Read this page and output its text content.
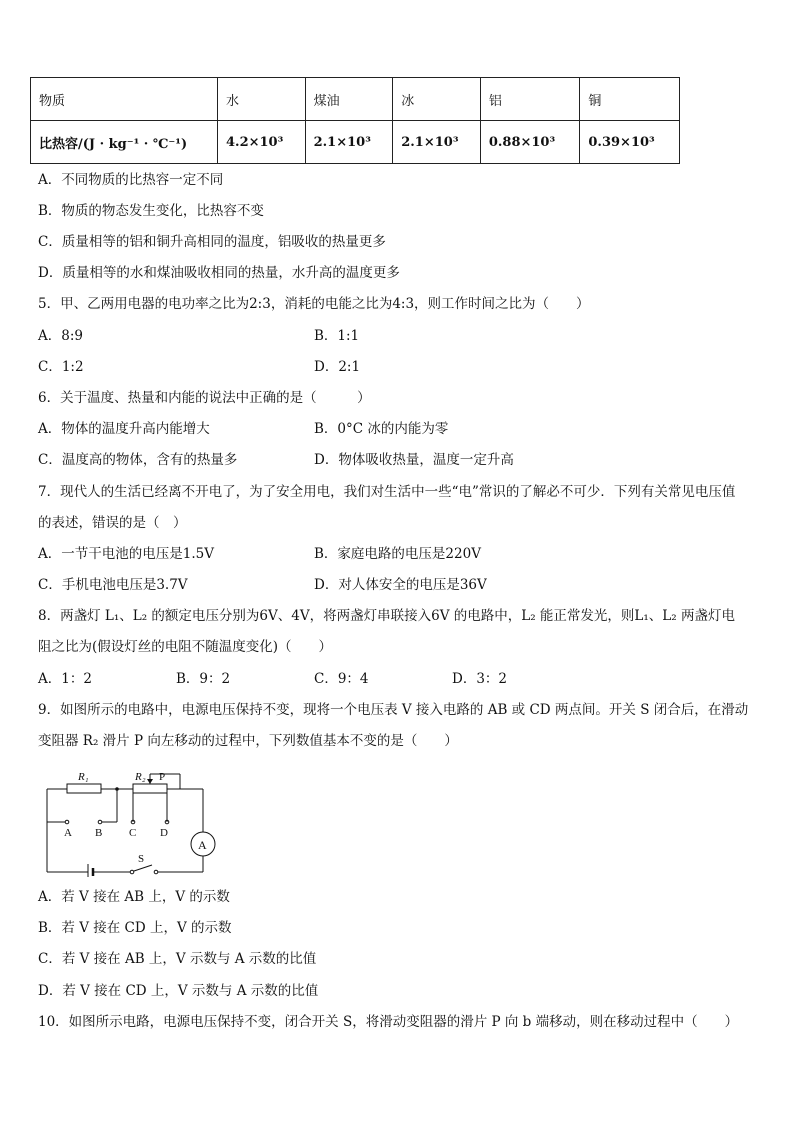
物质	水	煤油	冰	铝	铜
比热容/(J · kg⁻¹ · ℃⁻¹)	4.2×10³	2.1×10³	2.1×10³	0.88×10³	0.39×10³
A．不同物质的比热容一定不同
B．物质的物态发生变化，比热容不变
C．质量相等的铝和铜升高相同的温度，铝吸收的热量更多
D．质量相等的水和煤油吸收相同的热量，水升高的温度更多
5．甲、乙两用电器的电功率之比为2:3，消耗的电能之比为4:3，则工作时间之比为（　　）
A．8:9	B．1:1
C．1:2	D．2:1
6．关于温度、热量和内能的说法中正确的是（　　　）
A．物体的温度升高内能增大	B．0°C 冰的内能为零
C．温度高的物体，含有的热量多	D．物体吸收热量，温度一定升高
7．现代人的生活已经离不开电了，为了安全用电，我们对生活中一些“电”常识的了解必不可少．下列有关常见电压值
的表述，错误的是（　）
A．一节干电池的电压是1.5V	B．家庭电路的电压是220V
C．手机电池电压是3.7V	D．对人体安全的电压是36V
8．两盏灯 L₁、L₂ 的额定电压分别为6V、4V，将两盏灯串联接入6V 的电路中，L₂ 能正常发光，则L₁、L₂ 两盏灯电
阻之比为(假设灯丝的电阻不随温度变化)（　　）
A．1：2	B．9：2	C．9：4	D．3：2
9．如图所示的电路中，电源电压保持不变，现将一个电压表 V 接入电路的 AB 或 CD 两点间。开关 S 闭合后，在滑动
变阻器 R₂ 滑片 P 向左移动的过程中，下列数值基本不变的是（　　）
R₁	R₂ P
A B C D
A
S
A．若 V 接在 AB 上，V 的示数
B．若 V 接在 CD 上，V 的示数
C．若 V 接在 AB 上，V 示数与 A 示数的比值
D．若 V 接在 CD 上，V 示数与 A 示数的比值
10．如图所示电路，电源电压保持不变，闭合开关 S，将滑动变阻器的滑片 P 向 b 端移动，则在移动过程中（　　）
